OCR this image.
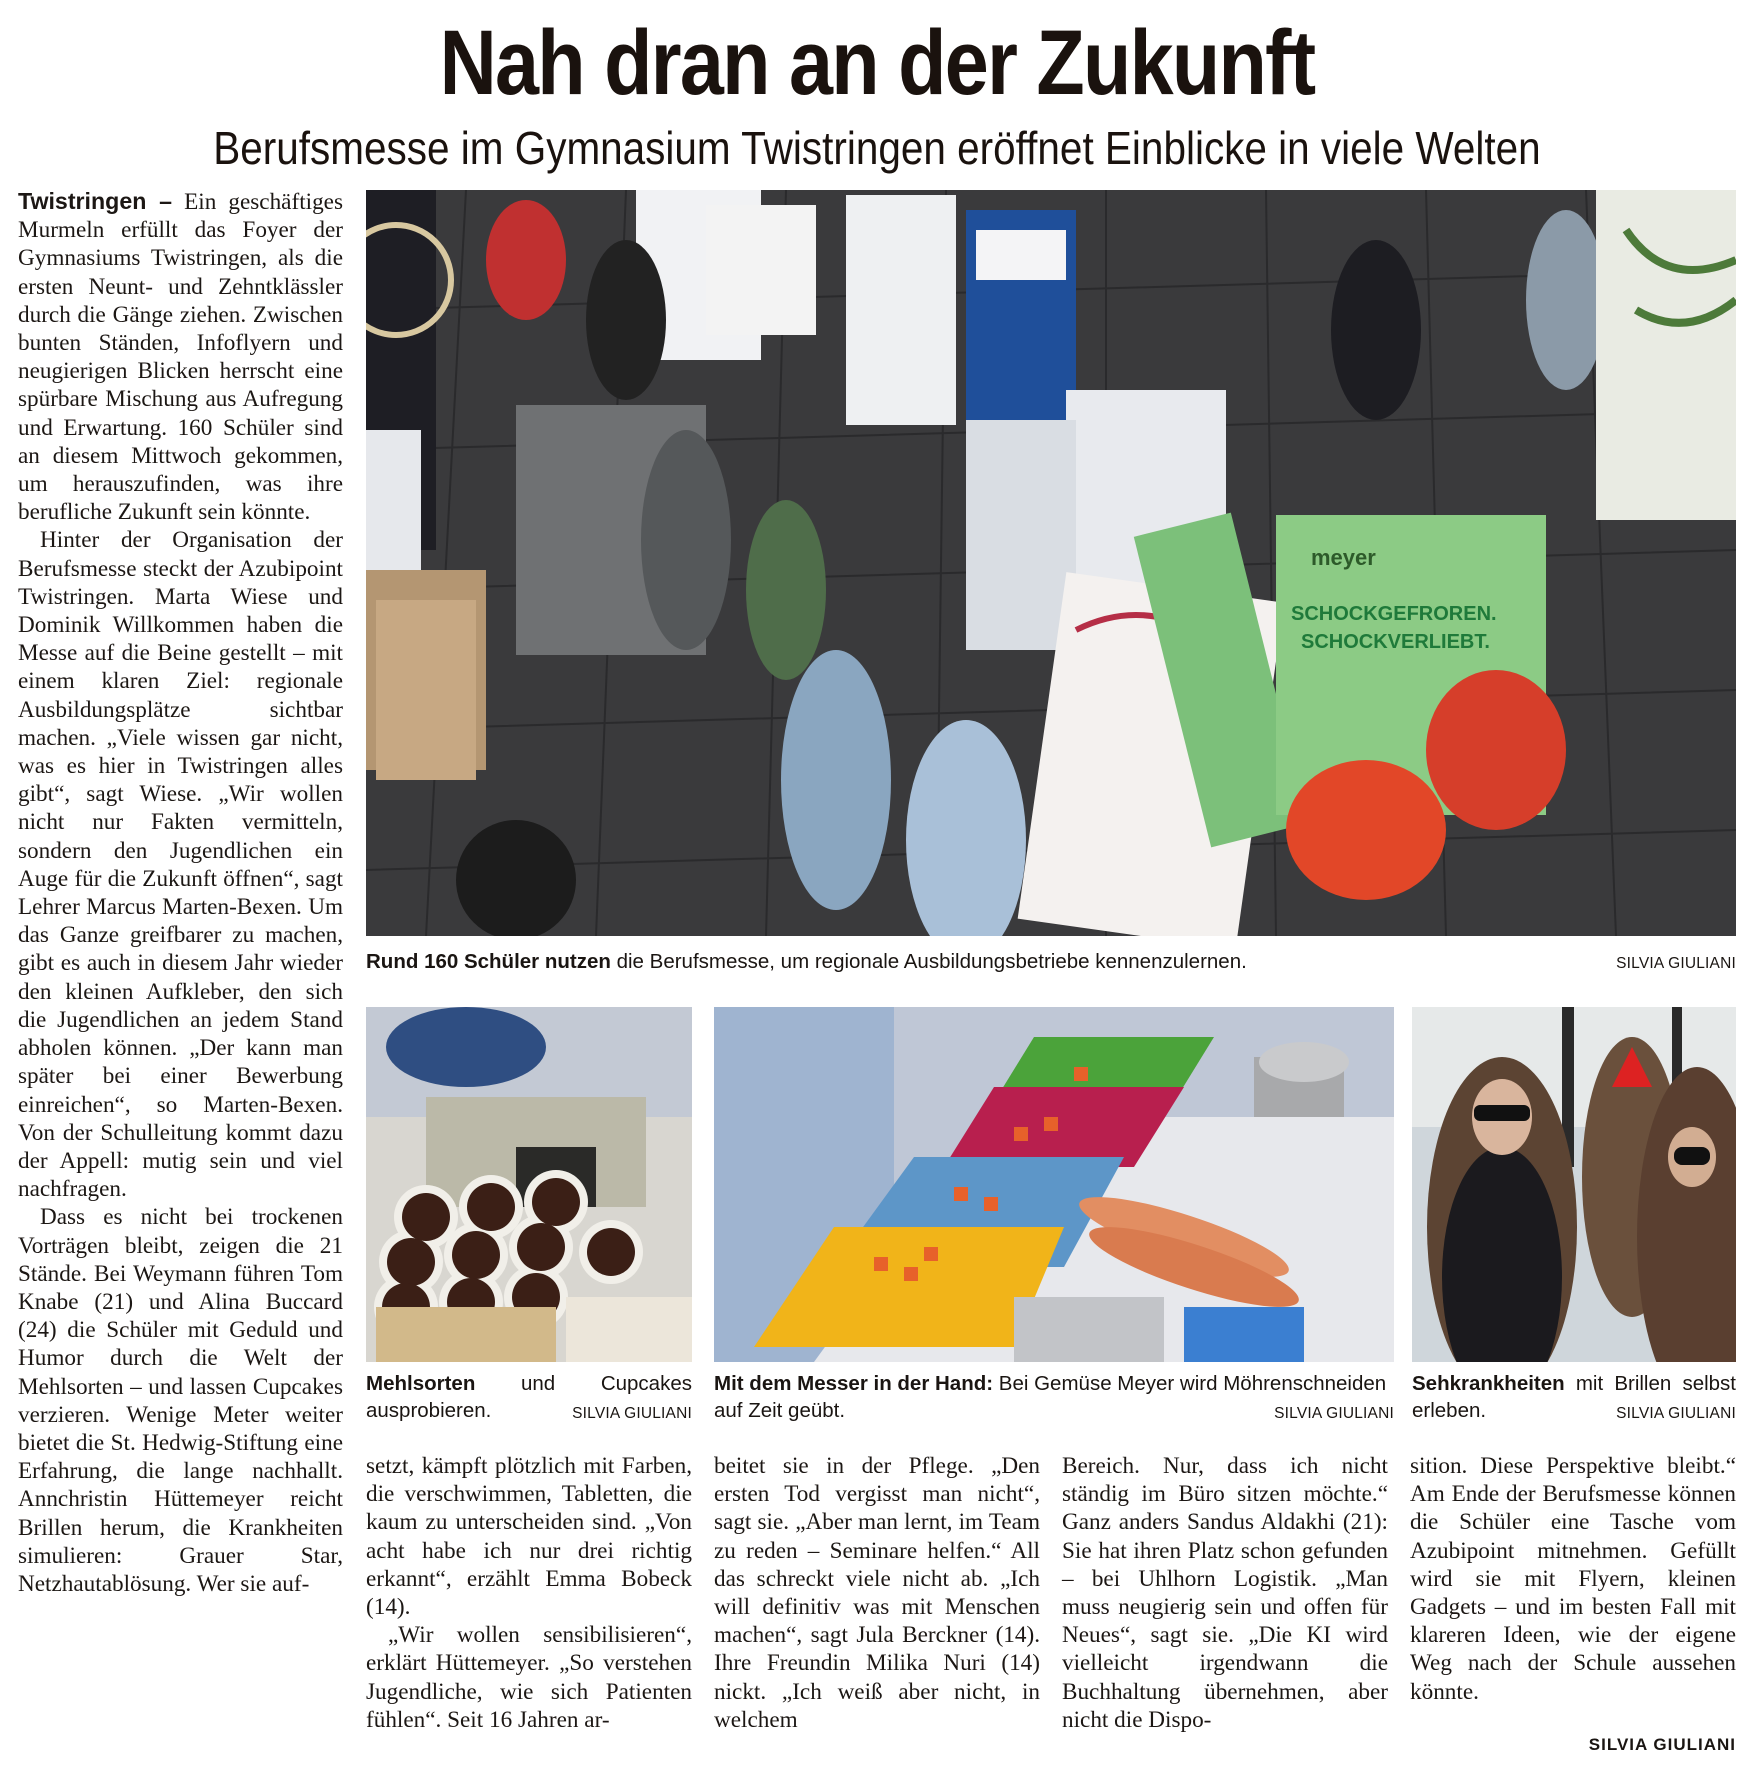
Nah dran an der Zukunft
Berufsmesse im Gymnasium Twistringen eröffnet Einblicke in viele Welten

Twistringen – Ein geschäftiges Murmeln erfüllt das Foyer der Gymnasiums Twistringen, als die ersten Neunt- und Zehntklässler durch die Gänge ziehen. Zwischen bunten Ständen, Infoflyern und neugierigen Blicken herrscht eine spürbare Mischung aus Aufregung und Erwartung. 160 Schüler sind an diesem Mittwoch gekommen, um herauszufinden, was ihre berufliche Zukunft sein könnte.

Hinter der Organisation der Berufsmesse steckt der Azubipoint Twistringen. Marta Wiese und Dominik Willkommen haben die Messe auf die Beine gestellt – mit einem klaren Ziel: regionale Ausbildungsplätze sichtbar machen. „Viele wissen gar nicht, was es hier in Twistringen alles gibt“, sagt Wiese. „Wir wollen nicht nur Fakten vermitteln, sondern den Jugendlichen ein Auge für die Zukunft öffnen“, sagt Lehrer Marcus Marten-Bexen. Um das Ganze greifbarer zu machen, gibt es auch in diesem Jahr wieder den kleinen Aufkleber, den sich die Jugendlichen an jedem Stand abholen können. „Der kann man später bei einer Bewerbung einreichen“, so Marten-Bexen. Von der Schulleitung kommt dazu der Appell: mutig sein und viel nachfragen.

Dass es nicht bei trockenen Vorträgen bleibt, zeigen die 21 Stände. Bei Weymann führen Tom Knabe (21) und Alina Buccard (24) die Schüler mit Geduld und Humor durch die Welt der Mehlsorten – und lassen Cupcakes verzieren. Wenige Meter weiter bietet die St. Hedwig-Stiftung eine Erfahrung, die lange nachhallt. Annchristin Hüttemeyer reicht Brillen herum, die Krankheiten simulieren: Grauer Star, Netzhautablösung. Wer sie auf-

meyer
SCHOCKGEFROREN.
SCHOCKVERLIEBT.
Rund 160 Schüler nutzen die Berufsmesse, um regionale Ausbildungsbetriebe kennenzulernen.	SILVIA GIULIANI
Mehlsorten und Cupcakes ausprobieren.	SILVIA GIULIANI
Mit dem Messer in der Hand: Bei Gemüse Meyer wird Möhrenschneiden auf Zeit geübt.	SILVIA GIULIANI
Sehkrankheiten mit Brillen selbst erleben.	SILVIA GIULIANI

setzt, kämpft plötzlich mit Farben, die verschwimmen, Tabletten, die kaum zu unterscheiden sind. „Von acht habe ich nur drei richtig erkannt“, erzählt Emma Bobeck (14).

„Wir wollen sensibilisieren“, erklärt Hüttemeyer. „So verstehen Jugendliche, wie sich Patienten fühlen“. Seit 16 Jahren ar-

beitet sie in der Pflege. „Den ersten Tod vergisst man nicht“, sagt sie. „Aber man lernt, im Team zu reden – Seminare helfen.“ All das schreckt viele nicht ab. „Ich will definitiv was mit Menschen machen“, sagt Jula Berckner (14). Ihre Freundin Milika Nuri (14) nickt. „Ich weiß aber nicht, in welchem

Bereich. Nur, dass ich nicht ständig im Büro sitzen möchte.“ Ganz anders Sandus Aldakhi (21): Sie hat ihren Platz schon gefunden – bei Uhlhorn Logistik. „Man muss neugierig sein und offen für Neues“, sagt sie. „Die KI wird vielleicht irgendwann die Buchhaltung übernehmen, aber nicht die Dispo-

sition. Diese Perspektive bleibt.“ Am Ende der Berufsmesse können die Schüler eine Tasche vom Azubipoint mitnehmen. Gefüllt wird sie mit Flyern, kleinen Gadgets – und im besten Fall mit klareren Ideen, wie der eigene Weg nach der Schule aussehen könnte.

SILVIA GIULIANI
